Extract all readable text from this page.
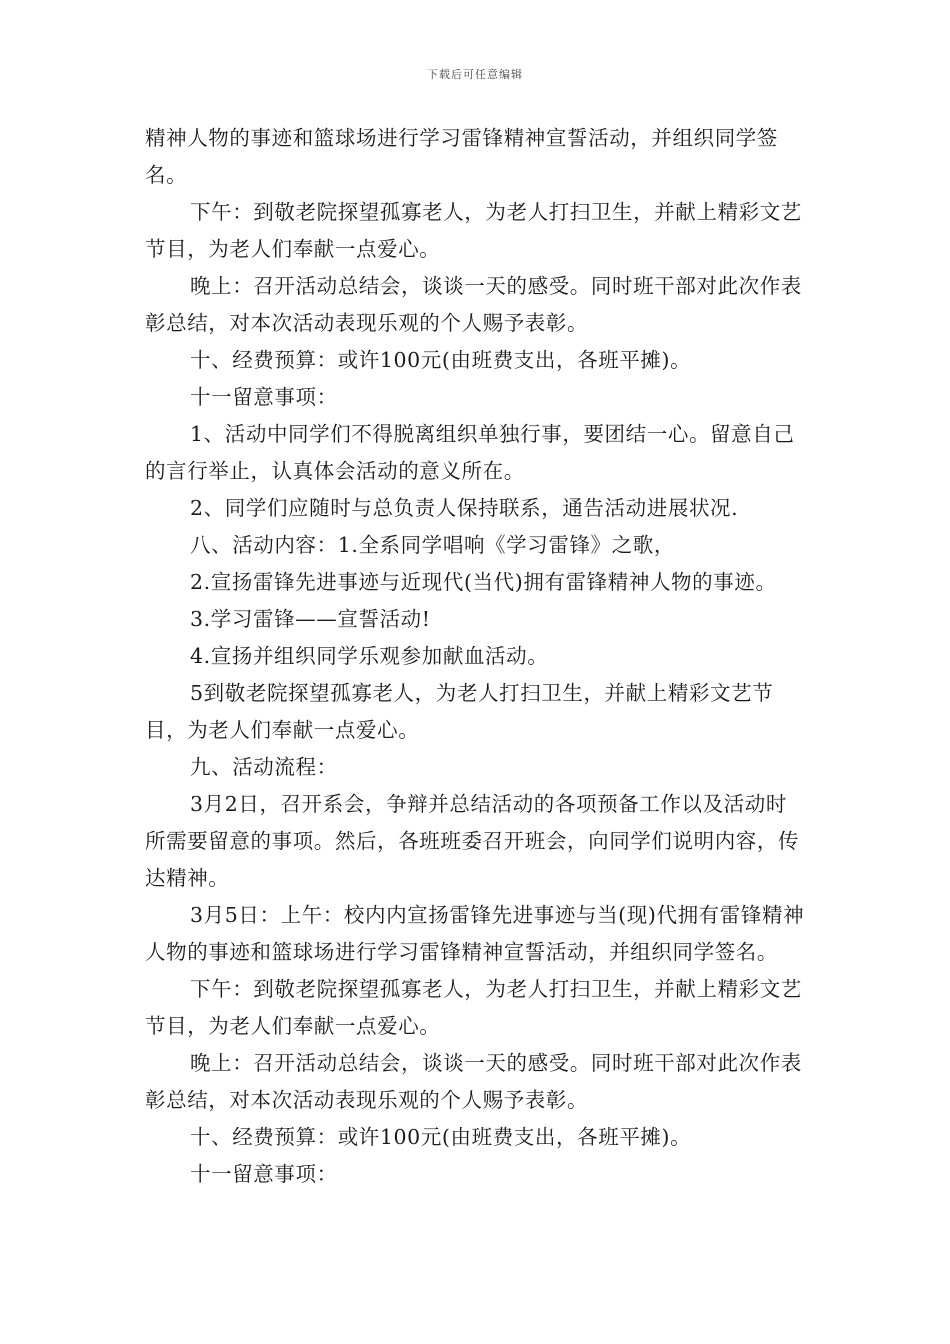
下载后可任意编辑

精神人物的事迹和篮球场进行学习雷锋精神宣誓活动，并组织同学签名。

下午：到敬老院探望孤寡老人，为老人打扫卫生，并献上精彩文艺节目，为老人们奉献一点爱心。

晚上：召开活动总结会，谈谈一天的感受。同时班干部对此次作表彰总结，对本次活动表现乐观的个人赐予表彰。

十、经费预算：或许100元(由班费支出，各班平摊)。

十一留意事项：

1、活动中同学们不得脱离组织单独行事，要团结一心。留意自己的言行举止，认真体会活动的意义所在。

2、同学们应随时与总负责人保持联系，通告活动进展状况.

八、活动内容：1.全系同学唱响《学习雷锋》之歌，

2.宣扬雷锋先进事迹与近现代(当代)拥有雷锋精神人物的事迹。

3.学习雷锋——宣誓活动!

4.宣扬并组织同学乐观参加献血活动。

5到敬老院探望孤寡老人，为老人打扫卫生，并献上精彩文艺节目，为老人们奉献一点爱心。

九、活动流程：

3月2日，召开系会，争辩并总结活动的各项预备工作以及活动时所需要留意的事项。然后，各班班委召开班会，向同学们说明内容，传达精神。

3月5日：上午：校内内宣扬雷锋先进事迹与当(现)代拥有雷锋精神人物的事迹和篮球场进行学习雷锋精神宣誓活动，并组织同学签名。

下午：到敬老院探望孤寡老人，为老人打扫卫生，并献上精彩文艺节目，为老人们奉献一点爱心。

晚上：召开活动总结会，谈谈一天的感受。同时班干部对此次作表彰总结，对本次活动表现乐观的个人赐予表彰。

十、经费预算：或许100元(由班费支出，各班平摊)。

十一留意事项：
